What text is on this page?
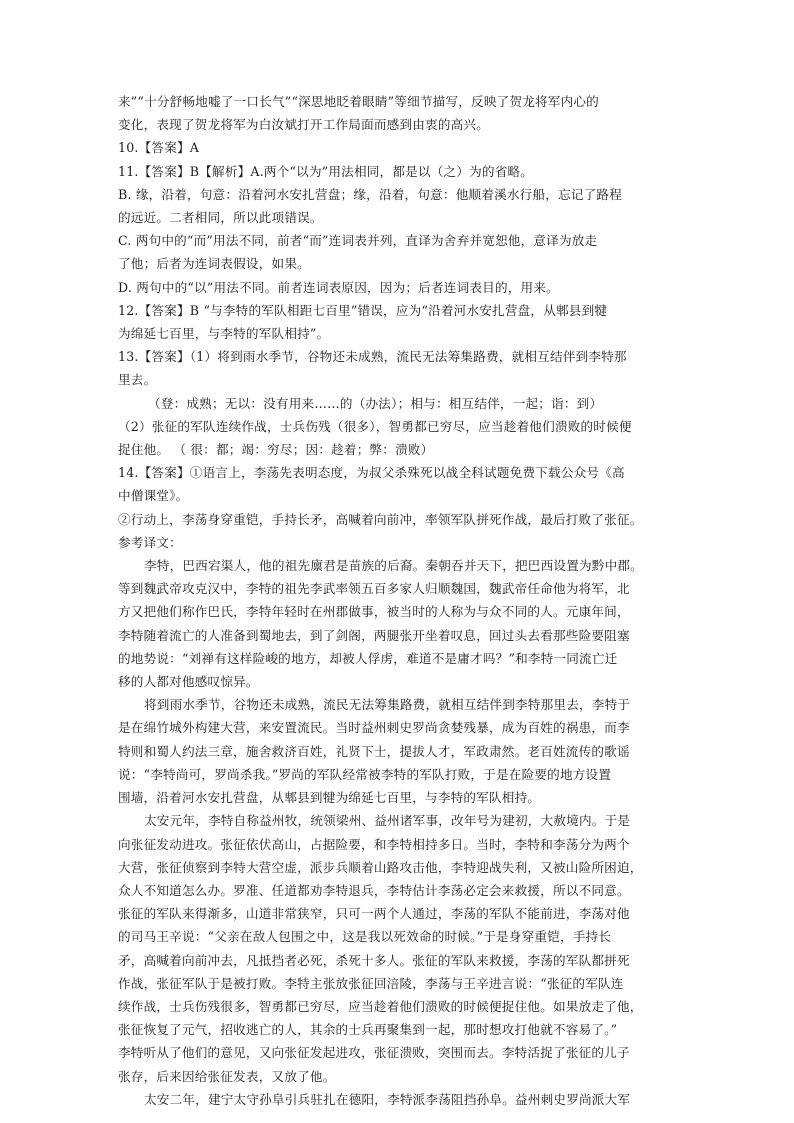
来”“十分舒畅地嘘了一口长气”“深思地眨着眼睛”等细节描写，反映了贺龙将军内心的
变化，表现了贺龙将军为白汝斌打开工作局面而感到由衷的高兴。
10.【答案】A
11.【答案】B【解析】A.两个“以为”用法相同，都是以（之）为的省略。
B. 缘，沿着，句意：沿着河水安扎营盘；缘，沿着，句意：他顺着溪水行船，忘记了路程
的远近。二者相同，所以此项错误。
C. 两句中的“而”用法不同，前者“而”连词表并列，直译为舍弃并宽恕他，意译为放走
了他；后者为连词表假设，如果。
D. 两句中的“以”用法不同。前者连词表原因，因为；后者连词表目的，用来。
12.【答案】B “与李特的军队相距七百里”错误，应为“沿着河水安扎营盘，从郫县到犍
为绵延七百里，与李特的军队相持”。
13.【答案】（1）将到雨水季节，谷物还未成熟，流民无法筹集路费，就相互结伴到李特那
里去。
（登：成熟；无以：没有用来……的（办法）；相与：相互结伴，一起；诣：到）
（2）张征的军队连续作战，士兵伤残（很多），智勇都已穷尽，应当趁着他们溃败的时候便
捉住他。 （ 很：都；竭：穷尽；因：趁着；弊：溃败）
14.【答案】①语言上，李荡先表明态度，为叔父杀殊死以战全科试题免费下载公众号《高
中僧课堂》。
②行动上，李荡身穿重铠，手持长矛，高喊着向前冲，率领军队拼死作战，最后打败了张征。
参考译文：
李特，巴西宕渠人，他的祖先廪君是苗族的后裔。秦朝吞并天下，把巴西设置为黔中郡。
等到魏武帝攻克汉中，李特的祖先李武率领五百多家人归顺魏国，魏武帝任命他为将军，北
方又把他们称作巴氏，李特年轻时在州郡做事，被当时的人称为与众不同的人。元康年间，
李特随着流亡的人准备到蜀地去，到了剑阁，两腿张开坐着叹息，回过头去看那些险要阻塞
的地势说：“刘禅有这样险峻的地方，却被人俘虏，难道不是庸才吗？”和李特一同流亡迁
移的人都对他感叹惊异。
将到雨水季节，谷物还未成熟，流民无法筹集路费，就相互结伴到李特那里去，李特于
是在绵竹城外构建大营，来安置流民。当时益州刺史罗尚贪婪残暴，成为百姓的祸患，而李
特则和蜀人约法三章，施舍救济百姓，礼贤下士，提拔人才，军政肃然。老百姓流传的歌谣
说：“李特尚可，罗尚杀我。”罗尚的军队经常被李特的军队打败，于是在险要的地方设置
围墙，沿着河水安扎营盘，从郫县到犍为绵延七百里，与李特的军队相持。
太安元年，李特自称益州牧，统领梁州、益州诸军事，改年号为建初，大赦境内。于是
向张征发动进攻。张征依伏高山，占据险要，和李特相持多日。当时，李特和李荡分为两个
大营，张征侦察到李特大营空虚，派步兵顺着山路攻击他，李特迎战失利，又被山险所困迫，
众人不知道怎么办。罗准、任道都劝李特退兵，李特估计李荡必定会来救援，所以不同意。
张征的军队来得渐多，山道非常狭窄，只可一两个人通过，李荡的军队不能前进，李荡对他
的司马王辛说：“父亲在敌人包围之中，这是我以死效命的时候。”于是身穿重铠，手持长
矛，高喊着向前冲去，凡抵挡者必死，杀死十多人。张征的军队来救援，李荡的军队都拼死
作战，张征军队于是被打败。李特主张放张征回涪陵，李荡与王辛进言说：“张征的军队连
续作战，士兵伤残很多，智勇都已穷尽，应当趁着他们溃败的时候便捉住他。如果放走了他，
张征恢复了元气，招收逃亡的人，其余的士兵再聚集到一起，那时想攻打他就不容易了。”
李特听从了他们的意见，又向张征发起进攻，张征溃败，突围而去。李特活捉了张征的儿子
张存，后来因给张征发表，又放了他。
太安二年，建宁太守孙阜引兵驻扎在德阳，李特派李荡阻挡孙阜。益州刺史罗尚派大军
